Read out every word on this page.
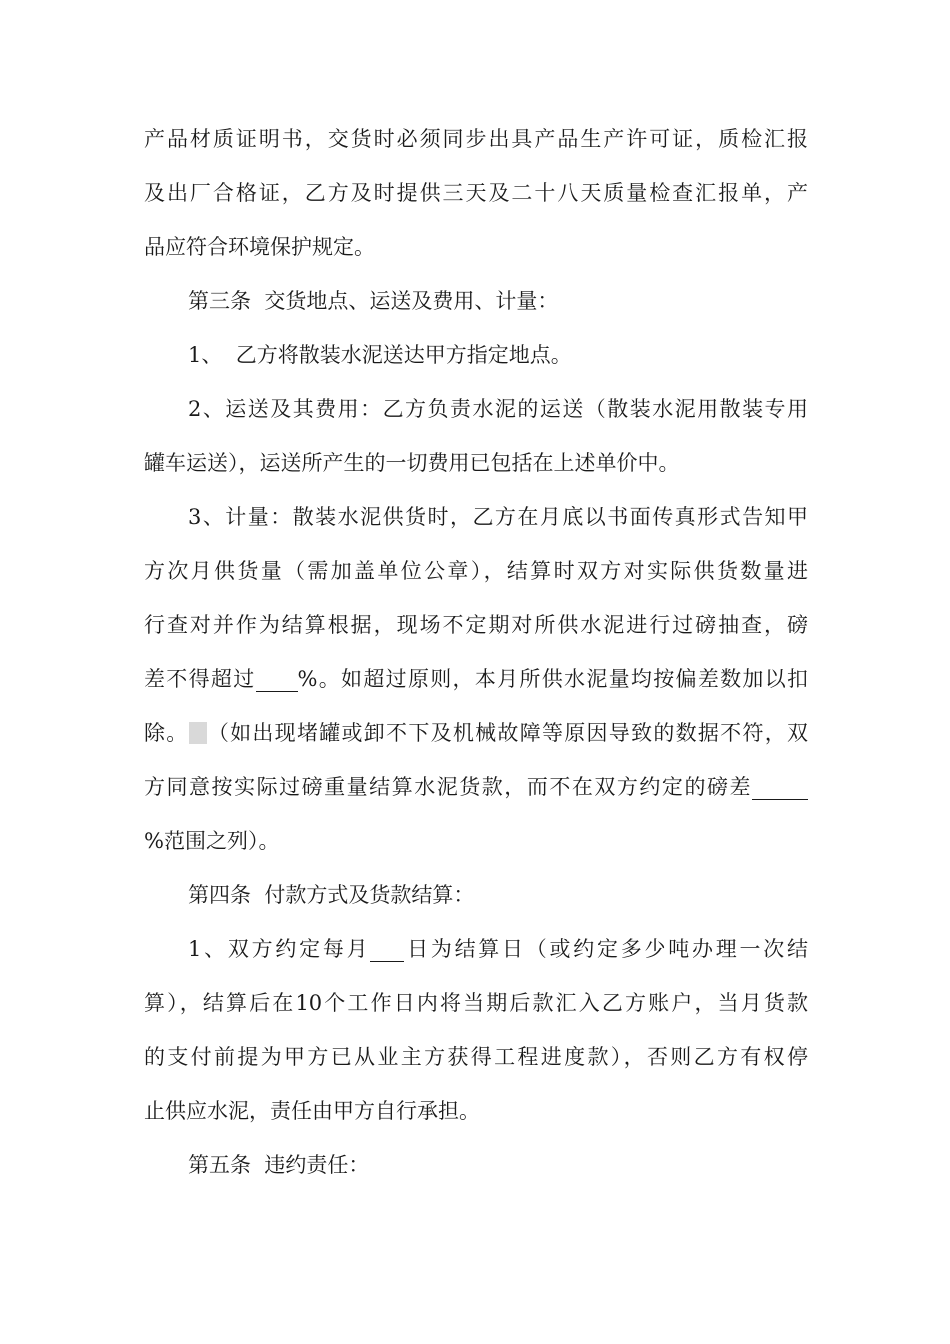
产品材质证明书，交货时必须同步出具产品生产许可证，质检汇报
及出厂合格证，乙方及时提供三天及二十八天质量检查汇报单，产
品应符合环境保护规定。
第三条  交货地点、运送及费用、计量：
1、  乙方将散装水泥送达甲方指定地点。
2、运送及其费用：乙方负责水泥的运送（散装水泥用散装专用
罐车运送），运送所产生的一切费用已包括在上述单价中。
3、计量：散装水泥供货时，乙方在月底以书面传真形式告知甲
方次月供货量（需加盖单位公章），结算时双方对实际供货数量进
行查对并作为结算根据，现场不定期对所供水泥进行过磅抽查，磅
差不得超过 %。如超过原则，本月所供水泥量均按偏差数加以扣
除。 （如出现堵罐或卸不下及机械故障等原因导致的数据不符，双
方同意按实际过磅重量结算水泥货款，而不在双方约定的磅差
%范围之列）。
第四条  付款方式及货款结算：
1、双方约定每月 日为结算日（或约定多少吨办理一次结
算），结算后在10个工作日内将当期后款汇入乙方账户，当月货款
的支付前提为甲方已从业主方获得工程进度款），否则乙方有权停
止供应水泥，责任由甲方自行承担。
第五条  违约责任：
